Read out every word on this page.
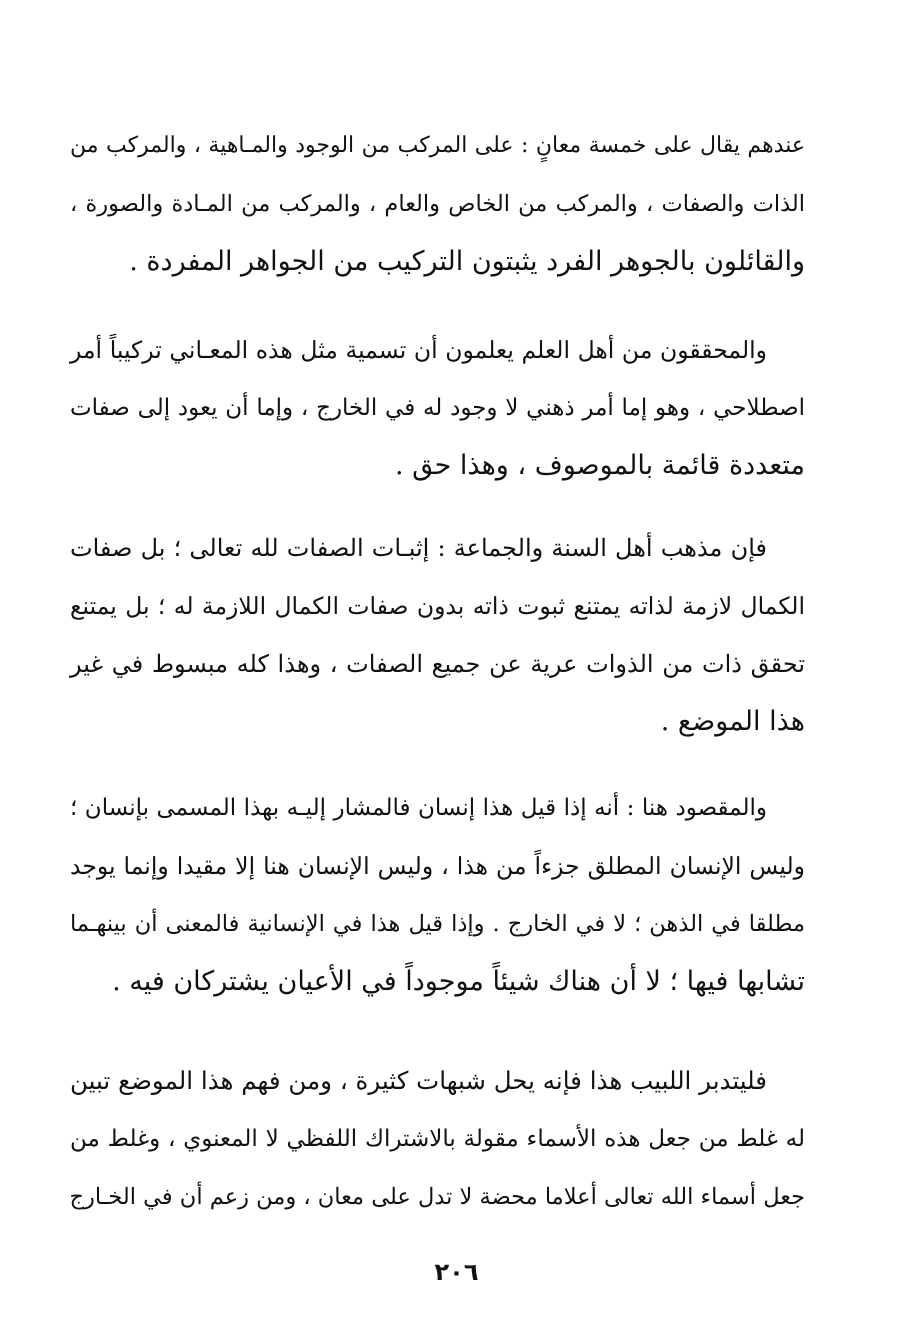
عندهم يقال على خمسة معانٍ : على المركب من الوجود والمـاهية ، والمركب من
الذات والصفات ، والمركب من الخاص والعام ، والمركب من المـادة والصورة ،
والقائلون بالجوهر الفرد يثبتون التركيب من الجواهر المفردة .
والمحققون من أهل العلم يعلمون أن تسمية مثل هذه المعـاني تركيباً أمر
اصطلاحي ، وهو إما أمر ذهني لا وجود له في الخارج ، وإما أن يعود إلى صفات
متعددة قائمة بالموصوف ، وهذا حق .
فإن مذهب أهل السنة والجماعة : إثبـات الصفات لله تعالى ؛ بل صفات
الكمال لازمة لذاته يمتنع ثبوت ذاته بدون صفات الكمال اللازمة له ؛ بل يمتنع
تحقق ذات من الذوات عرية عن جميع الصفات ، وهذا كله مبسوط في غير
هذا الموضع .
والمقصود هنا : أنه إذا قيل هذا إنسان فالمشار إليـه بهذا المسمى بإنسان ؛
وليس الإنسان المطلق جزءاً من هذا ، وليس الإنسان هنا إلا مقيدا وإنما يوجد
مطلقا في الذهن ؛ لا في الخارج . وإذا قيل هذا في الإنسانية فالمعنى أن بينهـما
تشابها فيها ؛ لا أن هناك شيئاً موجوداً في الأعيان يشتركان فيه .
فليتدبر اللبيب هذا فإنه يحل شبهات كثيرة ، ومن فهم هذا الموضع تبين
له غلط من جعل هذه الأسماء مقولة بالاشتراك اللفظي لا المعنوي ، وغلط من
جعل أسماء الله تعالى أعلاما محضة لا تدل على معان ، ومن زعم أن في الخـارج
٢٠٦
